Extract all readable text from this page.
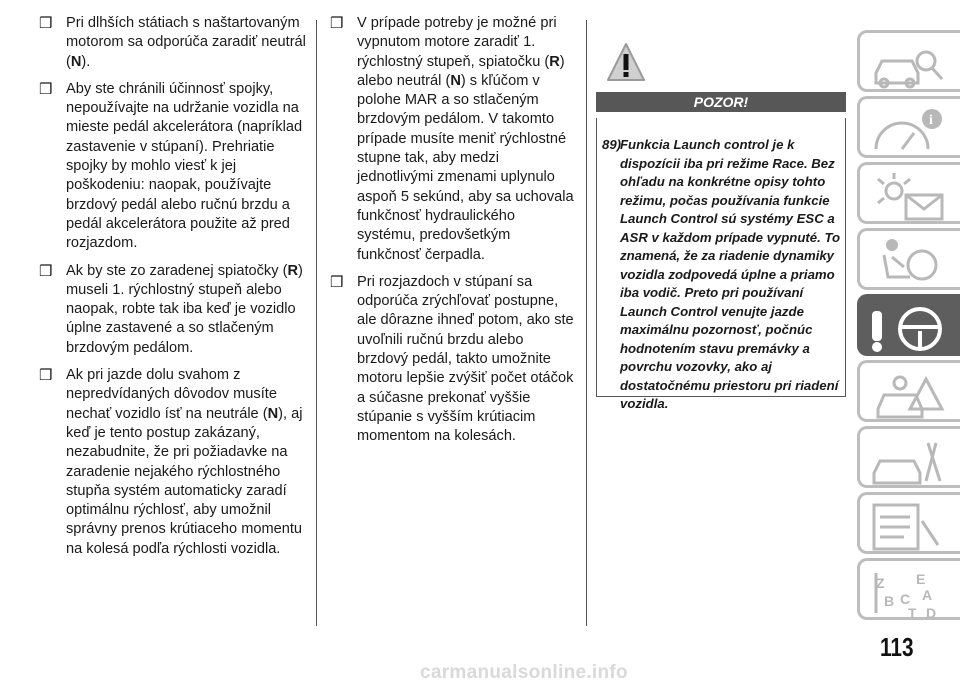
❒ Pri dlhších státiach s naštartovaným motorom sa odporúča zaradiť neutrál (N).
❒ Aby ste chránili účinnosť spojky, nepoužívajte na udržanie vozidla na mieste pedál akcelerátora (napríklad zastavenie v stúpaní). Prehriatie spojky by mohlo viesť k jej poškodeniu: naopak, používajte brzdový pedál alebo ručnú brzdu a pedál akcelerátora použite až pred rozjazdom.
❒ Ak by ste zo zaradenej spiatočky (R) museli 1. rýchlostný stupeň alebo naopak, robte tak iba keď je vozidlo úplne zastavené a so stlačeným brzdovým pedálom.
❒ Ak pri jazde dolu svahom z nepredvídaných dôvodov musíte nechať vozidlo ísť na neutrále (N), aj keď je tento postup zakázaný, nezabudnite, že pri požiadavke na zaradenie nejakého rýchlostného stupňa systém automaticky zaradí optimálnu rýchlosť, aby umožnil správny prenos krútiaceho momentu na kolesá podľa rýchlosti vozidla.
❒ V prípade potreby je možné pri vypnutom motore zaradiť 1. rýchlostný stupeň, spiatočku (R) alebo neutrál (N) s kľúčom v polohe MAR a so stlačeným brzdovým pedálom. V takomto prípade musíte meniť rýchlostné stupne tak, aby medzi jednotlivými zmenami uplynulo aspoň 5 sekúnd, aby sa uchovala funkčnosť hydraulického systému, predovšetkým funkčnosť čerpadla.
❒ Pri rozjazdoch v stúpaní sa odporúča zrýchľovať postupne, ale dôrazne ihneď potom, ako ste uvoľnili ručnú brzdu alebo brzdový pedál, takto umožnite motoru lepšie zvýšiť počet otáčok a súčasne prekonať vyššie stúpanie s vyšším krútiacim momentom na kolesách.
POZOR!
89)
Funkcia Launch control je k dispozícii iba pri režime Race. Bez ohľadu na konkrétne opisy tohto režimu, počas používania funkcie Launch Control sú systémy ESC a ASR v každom prípade vypnuté. To znamená, že za riadenie dynamiky vozidla zodpovedá úplne a priamo iba vodič. Preto pri používaní Launch Control venujte jazde maximálnu pozornosť, počnúc hodnotením stavu premávky a povrchu vozovky, ako aj dostatočnému priestoru pri riadení vozidla.
i
Z E
A
B C
T D
113
carmanualsonline.info
